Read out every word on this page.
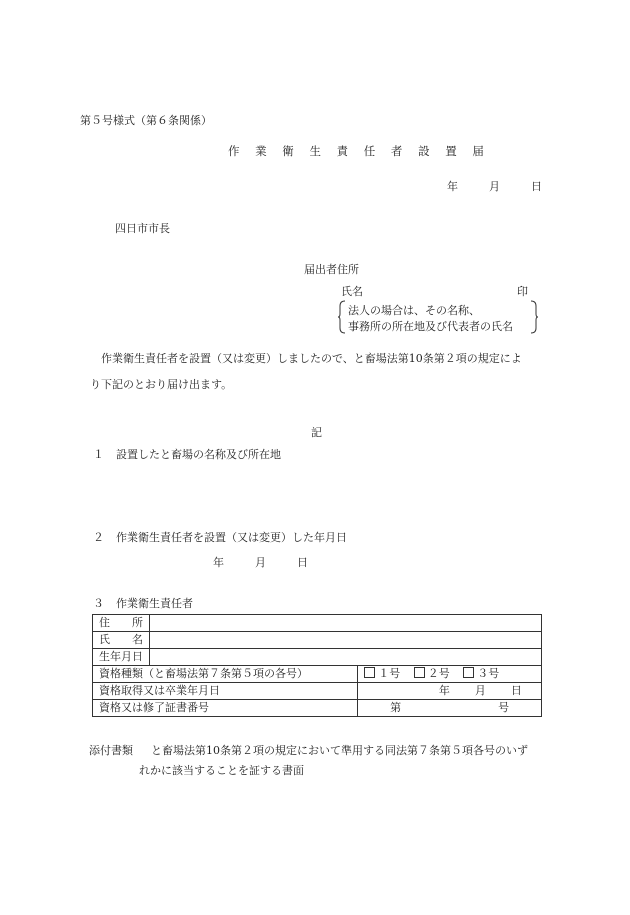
第５号様式（第６条関係）
作 業 衛 生 責 任 者 設 置 届
年	月	日
四日市市長
届出者住所
氏名	印
法人の場合は、その名称、
事務所の所在地及び代表者の氏名
作業衛生責任者を設置（又は変更）しましたので、と畜場法第10条第２項の規定によ
り下記のとおり届け出ます。
記
１ 設置したと畜場の名称及び所在地
２ 作業衛生責任者を設置（又は変更）した年月日
年	月	日
３ 作業衛生責任者
住　　所		
氏　　名		
生年月日		
資格種類（と畜場法第７条第５項の各号）		１号 ２号 ３号
資格取得又は卒業年月日		年 月 日
資格又は修了証書番号		第 号
添付書類 と畜場法第10条第２項の規定において準用する同法第７条第５項各号のいず
れかに該当することを証する書面
